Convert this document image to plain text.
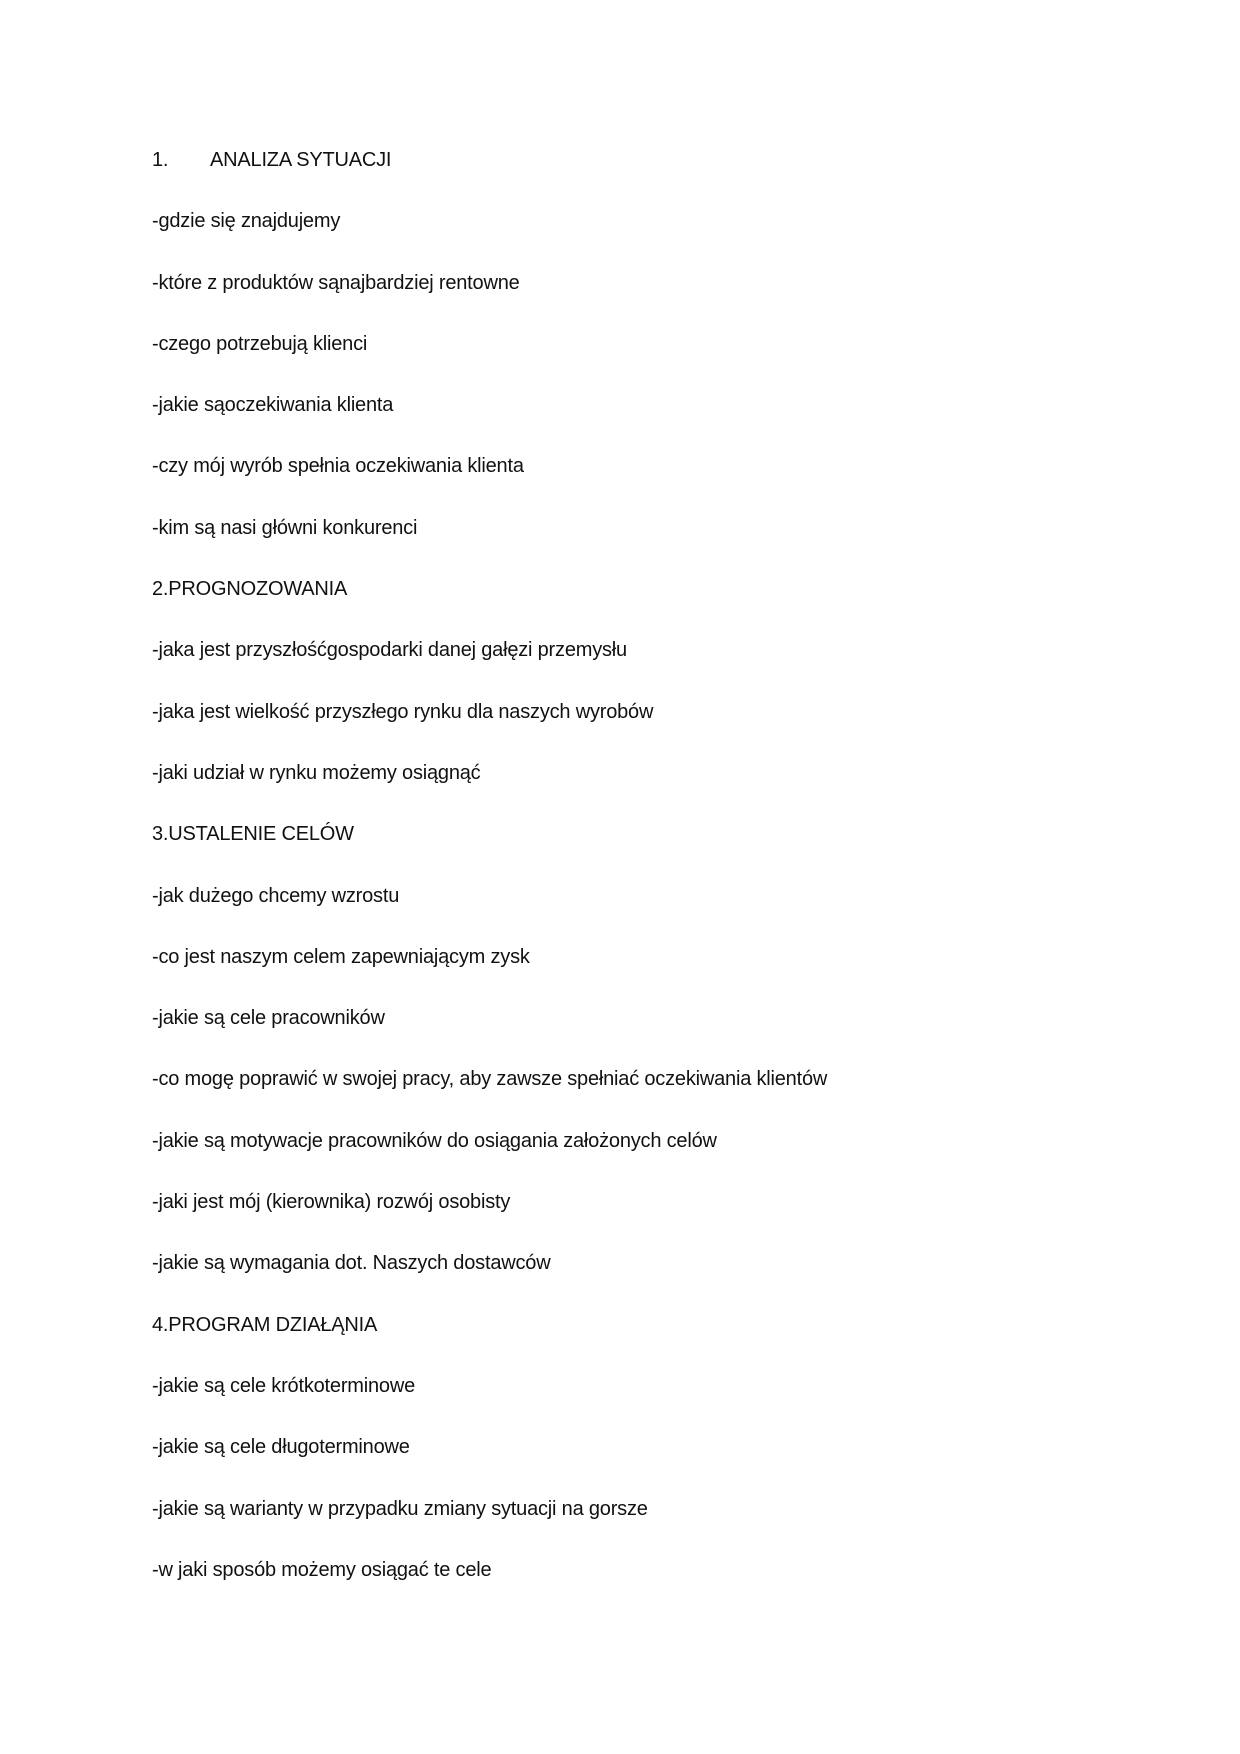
1. ANALIZA SYTUACJI
-gdzie się znajdujemy
-które z produktów sąnajbardziej rentowne
-czego potrzebują klienci
-jakie sąoczekiwania klienta
-czy mój wyrób spełnia oczekiwania klienta
-kim są nasi główni konkurenci
2.PROGNOZOWANIA
-jaka jest przyszłośćgospodarki danej gałęzi przemysłu
-jaka jest wielkość przyszłego rynku dla naszych wyrobów
-jaki udział w rynku możemy osiągnąć
3.USTALENIE CELÓW
-jak dużego chcemy wzrostu
-co jest naszym celem zapewniającym zysk
-jakie są cele pracowników
-co mogę poprawić w swojej pracy, aby zawsze spełniać oczekiwania klientów
-jakie są motywacje pracowników do osiągania założonych celów
-jaki jest mój (kierownika) rozwój osobisty
-jakie są wymagania dot. Naszych dostawców
4.PROGRAM DZIAŁĄNIA
-jakie są cele krótkoterminowe
-jakie są cele długoterminowe
-jakie są warianty w przypadku zmiany sytuacji na gorsze
-w jaki sposób możemy osiągać te cele
